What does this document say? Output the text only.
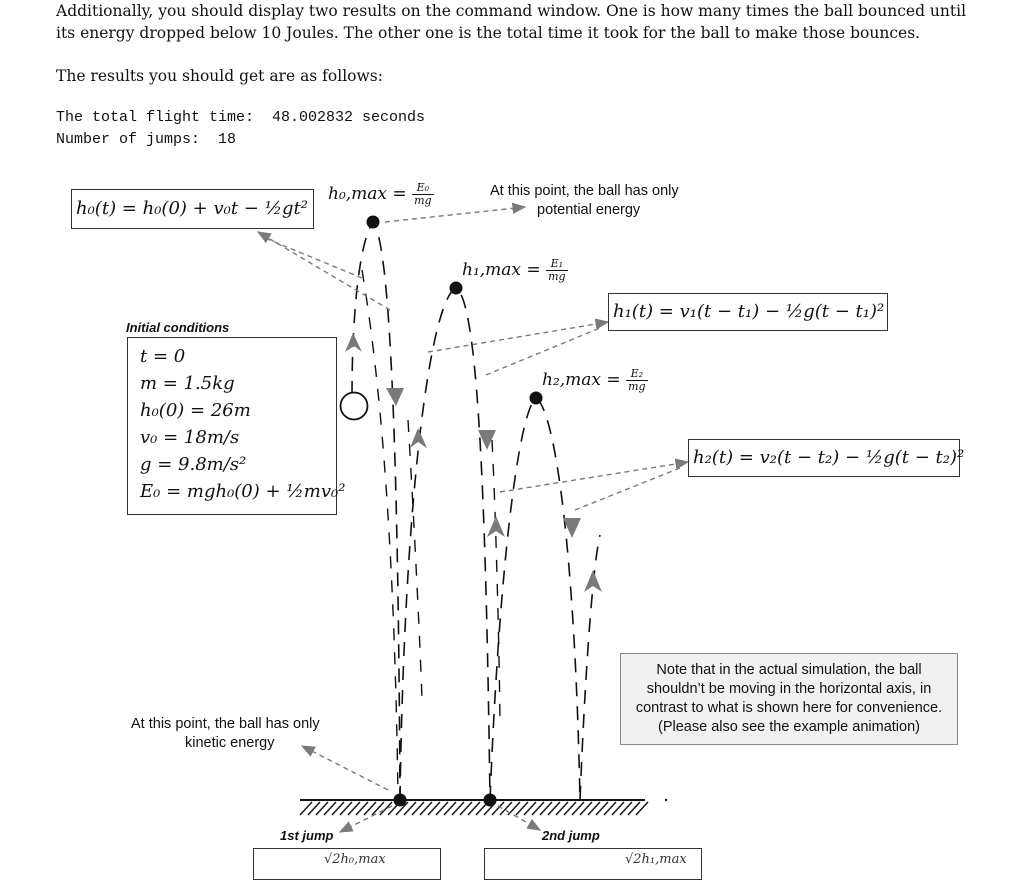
Additionally, you should display two results on the command window. One is how many times the ball bounced until
its energy dropped below 10 Joules. The other one is the total time it took for the ball to make those bounces.
The results you should get are as follows:
The total flight time:  48.002832 seconds
Number of jumps:  18
h₀(t) = h₀(0) + v₀t − ½gt²
$h_0,\max = \frac{\text{E₀}}{mg}$	At this point, the ball has only
potential energy
$h_1,\max = \frac{\text{E₁}}{mg}$
h₁(t) = v₁(t − t₁) − ½g(t − t₁)²
Initial conditions
t = 0
m = 1.5kg
h₀(0) = 26m
v₀ = 18m/s
g = 9.8m/s²
E₀ = mgh₀(0) + ½mv₀²
$h_2,\max = \frac{\text{E₂}}{mg}$
h₂(t) = v₂(t − t₂) − ½g(t − t₂)²
Note that in the actual simulation, the ball
shouldn’t be moving in the horizontal axis, in
contrast to what is shown here for convenience.
(Please also see the example animation)
At this point, the ball has only
kinetic energy
1st jump	2nd jump
√2h₀,max	√2h₁,max
